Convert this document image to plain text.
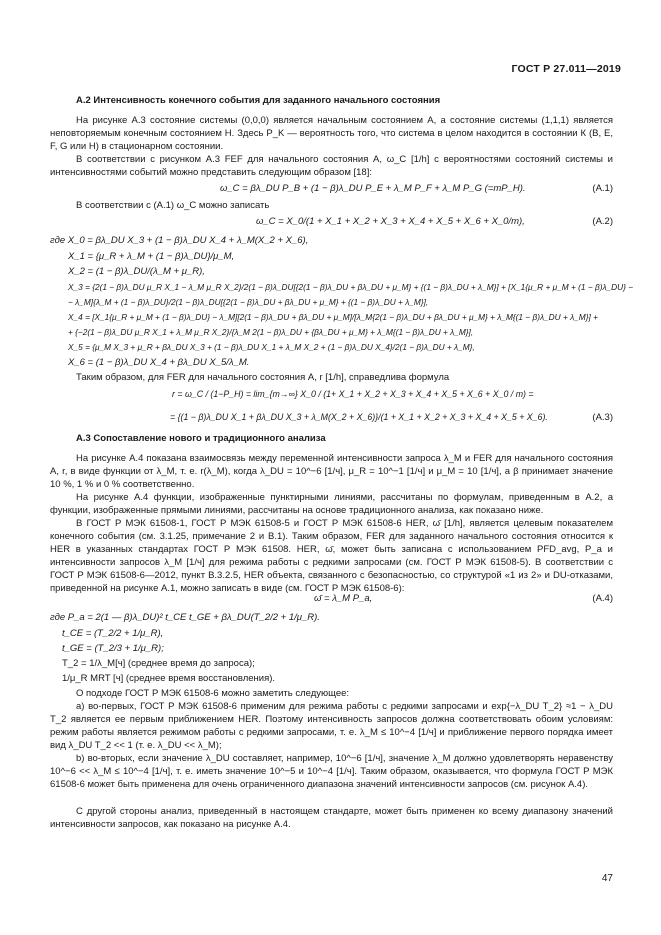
ГОСТ Р 27.011—2019
А.2 Интенсивность конечного события для заданного начального состояния
На рисунке А.3 состояние системы (0,0,0) является начальным состоянием А, а состояние системы (1,1,1) является неповторяемым конечным состоянием Н. Здесь P_K — вероятность того, что система в целом находится в состоянии К (В, Е, F, G или Н) в стационарном состоянии.
В соответствии с рисунком А.3 FEF для начального состояния А, ω_C [1/h] с вероятностями состояний системы и интенсивностями событий можно представить следующим образом [18]:
ω_C = βλ_DU P_B + (1 − β)λ_DU P_E + λ_M P_F + λ_M P_G (=mP_H).	(А.1)
В соответствии с (А.1) ω_C можно записать
ω_C = X_0/(1 + X_1 + X_2 + X_3 + X_4 + X_5 + X_6 + X_0/m),	(А.2)
где X_0 = βλ_DU X_3 + (1 − β)λ_DU X_4 + λ_M(X_2 + X_6),
X_1 = {μ_R + λ_M + (1 − β)λ_DU}/μ_M,
X_2 = (1 − β)λ_DU/(λ_M + μ_R),
X_3 = {2(1 − β)λ_DU μ_R X_1 − λ_M μ_R X_2}/2(1 − β)λ_DU[{2(1 − β)λ_DU + βλ_DU + μ_M} + {(1 − β)λ_DU + λ_M}] + [X_1{μ_R + μ_M + (1 − β)λ_DU} −
− λ_M]{λ_M + (1 − β)λ_DU}/2(1 − β)λ_DU[{2(1 − β)λ_DU + βλ_DU + μ_M} + {(1 − β)λ_DU + λ_M}],
X_4 = [X_1{μ_R + μ_M + (1 − β)λ_DU} − λ_M][2(1 − β)λ_DU + βλ_DU + μ_M]/[λ_M{2(1 − β)λ_DU + βλ_DU + μ_M} + λ_M{(1 − β)λ_DU + λ_M}] +
+ {−2(1 − β)λ_DU μ_R X_1 + λ_M μ_R X_2}/{λ_M 2(1 − β)λ_DU + {βλ_DU + μ_M} + λ_M{(1 − β)λ_DU + λ_M}],
X_5 = {μ_M X_3 + μ_R + βλ_DU X_3 + (1 − β)λ_DU X_1 + λ_M X_2 + (1 − β)λ_DU X_4}/2(1 − β)λ_DU + λ_M},
X_6 = (1 − β)λ_DU X_4 + βλ_DU X_5/λ_M.
Таким образом, для FER для начального состояния А, r [1/h], справедлива формула
r = ω_C / (1−P_H) = lim_{m→∞} X_0 / (1+ X_1 + X_2 + X_3 + X_4 + X_5 + X_6 + X_0 / m) =
= {(1 − β)λ_DU X_1 + βλ_DU X_3 + λ_M(X_2 + X_6)}/(1 + X_1 + X_2 + X_3 + X_4 + X_5 + X_6).	(А.3)
А.3 Сопоставление нового и традиционного анализа
На рисунке А.4 показана взаимосвязь между переменной интенсивности запроса λ_M и FER для начального состояния А, r, в виде функции от λ_M, т. е. r(λ_M), когда λ_DU = 10^−6 [1/ч], μ_R = 10^−1 [1/ч] и μ_M = 10 [1/ч], а β принимает значение 10 %, 1 % и 0 % соответственно.
На рисунке А.4 функции, изображенные пунктирными линиями, рассчитаны по формулам, приведенным в А.2, а функции, изображенные прямыми линиями, рассчитаны на основе традиционного анализа, как показано ниже.
В ГОСТ Р МЭК 61508-1, ГОСТ Р МЭК 61508-5 и ГОСТ Р МЭК 61508-6 HER, ω̄ [1/h], является целевым показателем конечного события (см. 3.1.25, примечание 2 и В.1). Таким образом, FER для заданного начального состояния относится к HER в указанных стандартах ГОСТ Р МЭК 61508. HER, ω̄, может быть записана с использованием PFD_avg, P_a и интенсивности запросов λ_M [1/ч] для режима работы с редкими запросами (см. ГОСТ Р МЭК 61508-5). В соответствии с ГОСТ Р МЭК 61508-6—2012, пункт В.3.2.5, HER объекта, связанного с безопасностью, со структурой «1 из 2» и DU-отказами, приведенной на рисунке А.1, можно записать в виде (см. ГОСТ Р МЭК 61508-6):
ω̄ = λ_M P_a,	(А.4)
где P_a = 2(1 — β)λ_DU)² t_CE t_GE + βλ_DU(T_2/2 + 1/μ_R).
t_CE = (T_2/2 + 1/μ_R),
t_GE = (T_2/3 + 1/μ_R);
T_2 = 1/λ_M[ч] (среднее время до запроса);
1/μ_R MRT [ч] (среднее время восстановления).
О подходе ГОСТ Р МЭК 61508-6 можно заметить следующее:
а) во-первых, ГОСТ Р МЭК 61508-6 применим для режима работы с редкими запросами и exp{−λ_DU T_2} ≈1 − λ_DU T_2 является ее первым приближением HER. Поэтому интенсивность запросов должна соответствовать обоим условиям: режим работы является режимом работы с редкими запросами, т. е. λ_M ≤ 10^−4 [1/ч] и приближение первого порядка имеет вид λ_DU T_2 << 1 (т. е. λ_DU << λ_M);
b) во-вторых, если значение λ_DU составляет, например, 10^−6 [1/ч], значение λ_M должно удовлетворять неравенству 10^−6 << λ_M ≤ 10^−4 [1/ч], т. е. иметь значение 10^−5 и 10^−4 [1/ч]. Таким образом, оказывается, что формула ГОСТ Р МЭК 61508-6 может быть применена для очень ограниченного диапазона значений интенсивности запросов (см. рисунок А.4).
С другой стороны анализ, приведенный в настоящем стандарте, может быть применен ко всему диапазону значений интенсивности запросов, как показано на рисунке А.4.
47
